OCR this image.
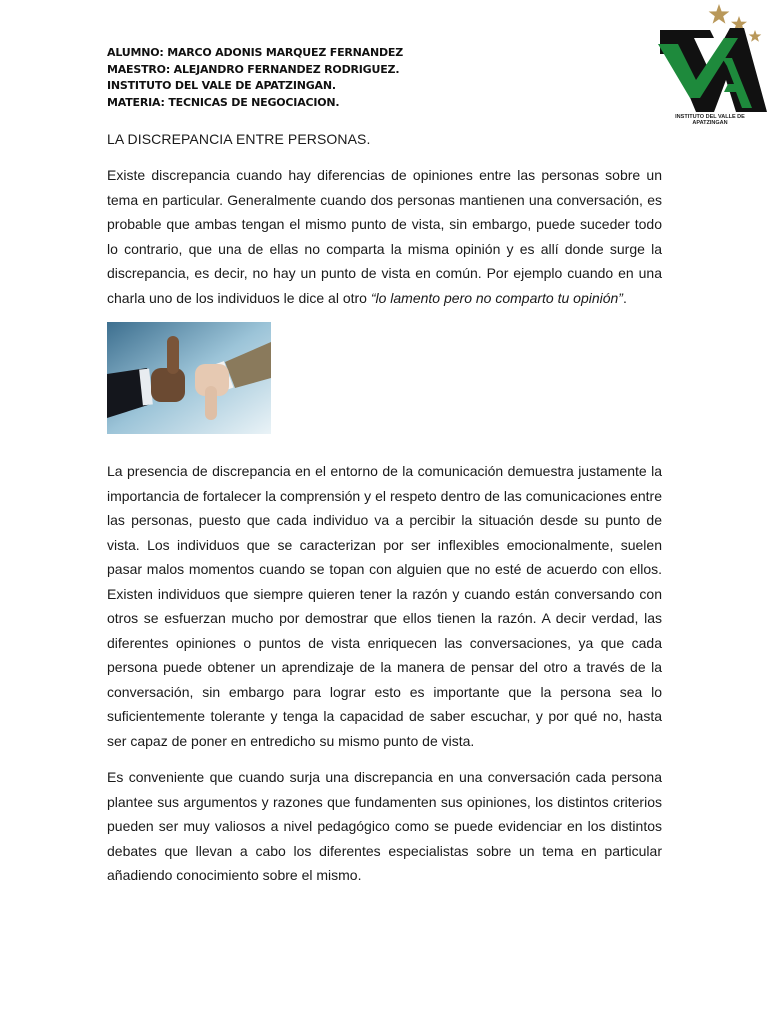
ALUMNO: MARCO ADONIS MARQUEZ FERNANDEZ
MAESTRO: ALEJANDRO FERNANDEZ RODRIGUEZ.
INSTITUTO DEL VALE DE APATZINGAN.
MATERIA: TECNICAS DE NEGOCIACION.
INSTITUTO DEL VALLE DE
APATZINGAN
LA DISCREPANCIA ENTRE PERSONAS.
Existe discrepancia cuando hay diferencias de opiniones entre las personas sobre un tema en particular. Generalmente cuando dos personas mantienen una conversación, es probable que ambas tengan el mismo punto de vista, sin embargo, puede suceder todo lo contrario, que una de ellas no comparta la misma opinión y es allí donde surge la discrepancia, es decir, no hay un punto de vista en común. Por ejemplo cuando en una charla uno de los individuos le dice al otro “lo lamento pero no comparto tu opinión”.
La presencia de discrepancia en el entorno de la comunicación demuestra justamente la importancia de fortalecer la comprensión y el respeto dentro de las comunicaciones entre las personas, puesto que cada individuo va a percibir la situación desde su punto de vista. Los individuos que se caracterizan por ser inflexibles emocionalmente, suelen pasar malos momentos cuando se topan con alguien que no esté de acuerdo con ellos. Existen individuos que siempre quieren tener la razón y cuando están conversando con otros se esfuerzan mucho por demostrar que ellos tienen la razón. A decir verdad, las diferentes opiniones o puntos de vista enriquecen las conversaciones, ya que cada persona puede obtener un aprendizaje de la manera de pensar del otro a través de la conversación, sin embargo para lograr esto es importante que la persona sea lo suficientemente tolerante y tenga la capacidad de saber escuchar, y por qué no, hasta ser capaz de poner en entredicho su mismo punto de vista.
Es conveniente que cuando surja una discrepancia en una conversación cada persona plantee sus argumentos y razones que fundamenten sus opiniones, los distintos criterios pueden ser muy valiosos a nivel pedagógico como se puede evidenciar en los distintos debates que llevan a cabo los diferentes especialistas sobre un tema en particular añadiendo conocimiento sobre el mismo.
